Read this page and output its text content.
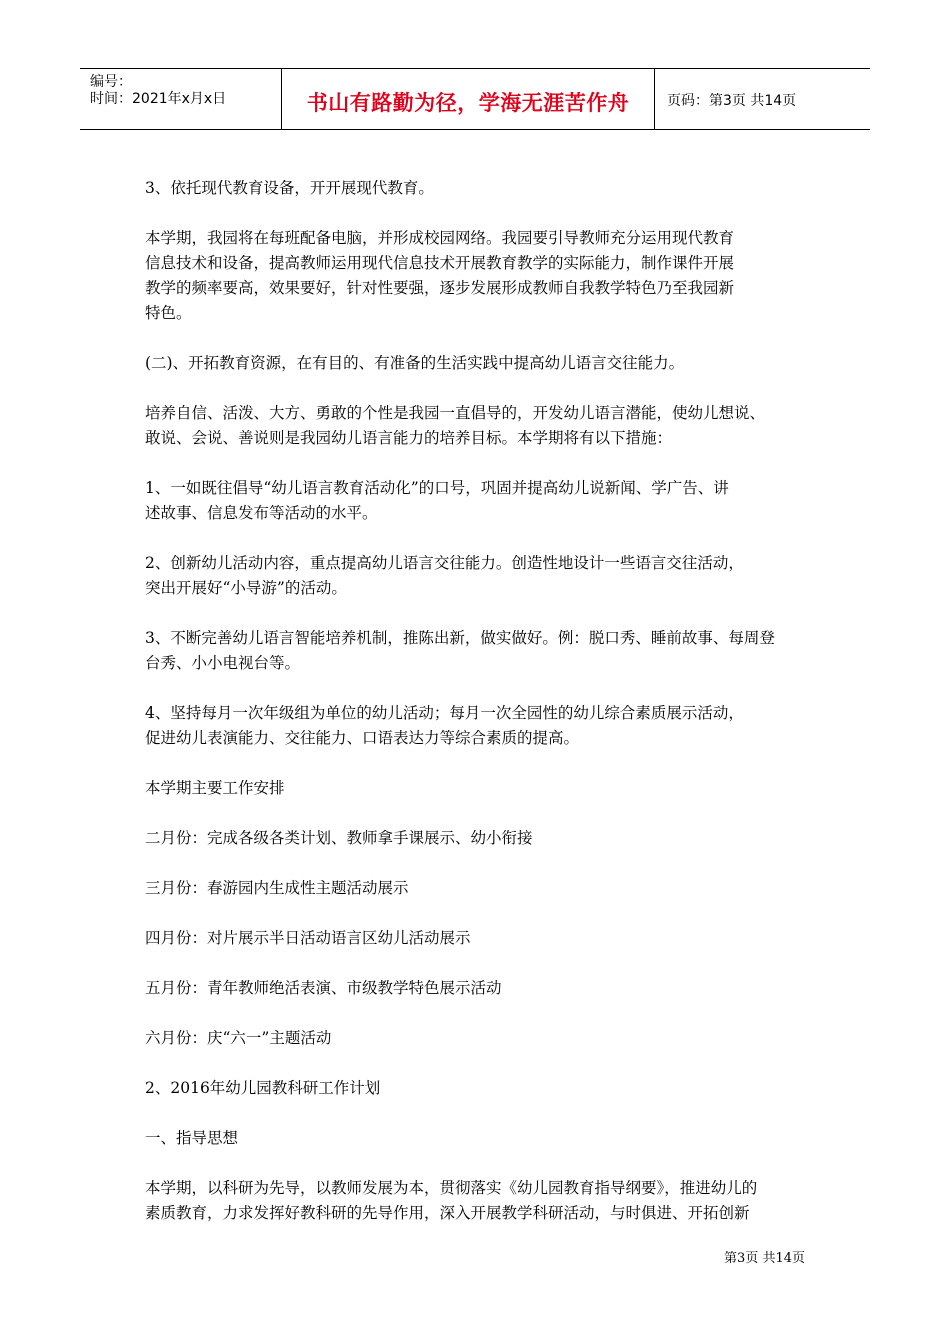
编号：
时间：2021年x月x日	书山有路勤为径，学海无涯苦作舟	页码：第3页 共14页

3、依托现代教育设备，开开展现代教育。

本学期，我园将在每班配备电脑，并形成校园网络。我园要引导教师充分运用现代教育

信息技术和设备，提高教师运用现代信息技术开展教育教学的实际能力，制作课件开展

教学的频率要高，效果要好，针对性要强，逐步发展形成教师自我教学特色乃至我园新

特色。

(二)、开拓教育资源，在有目的、有准备的生活实践中提高幼儿语言交往能力。

培养自信、活泼、大方、勇敢的个性是我园一直倡导的，开发幼儿语言潜能，使幼儿想说、

敢说、会说、善说则是我园幼儿语言能力的培养目标。本学期将有以下措施：

1、一如既往倡导“幼儿语言教育活动化”的口号，巩固并提高幼儿说新闻、学广告、讲

述故事、信息发布等活动的水平。

2、创新幼儿活动内容，重点提高幼儿语言交往能力。创造性地设计一些语言交往活动，

突出开展好“小导游”的活动。

3、不断完善幼儿语言智能培养机制，推陈出新，做实做好。例：脱口秀、睡前故事、每周登

台秀、小小电视台等。

4、坚持每月一次年级组为单位的幼儿活动；每月一次全园性的幼儿综合素质展示活动，

促进幼儿表演能力、交往能力、口语表达力等综合素质的提高。

本学期主要工作安排

二月份：完成各级各类计划、教师拿手课展示、幼小衔接

三月份：春游园内生成性主题活动展示

四月份：对片展示半日活动语言区幼儿活动展示

五月份：青年教师绝活表演、市级教学特色展示活动

六月份：庆“六一”主题活动

2、2016年幼儿园教科研工作计划

一、指导思想

本学期，以科研为先导，以教师发展为本，贯彻落实《幼儿园教育指导纲要》，推进幼儿的

素质教育，力求发挥好教科研的先导作用，深入开展教学科研活动，与时俱进、开拓创新

第3页 共14页
